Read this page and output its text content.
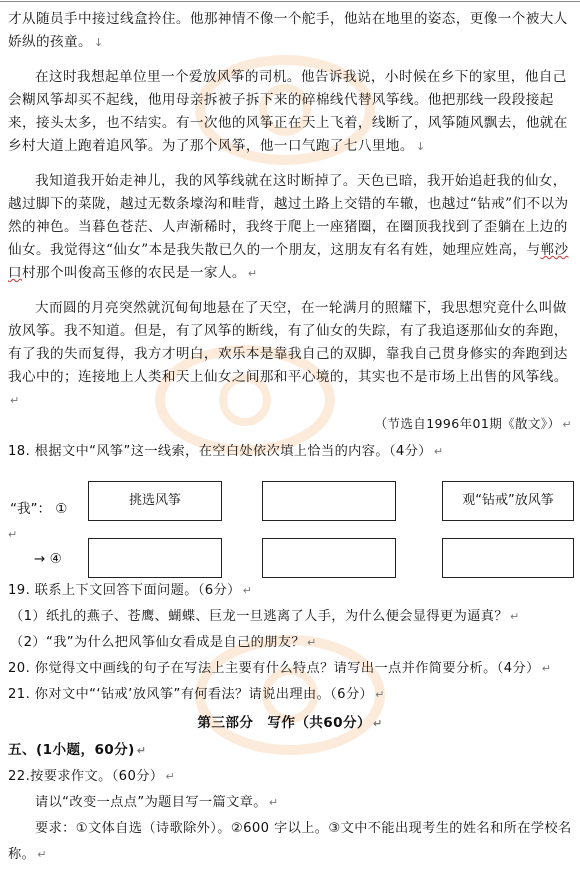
才从随员手中接过线盒拎住。他那神情不像一个舵手，他站在地里的姿态，更像一个被大人娇纵的孩童。 ↓

在这时我想起单位里一个爱放风筝的司机。他告诉我说，小时候在乡下的家里，他自己会糊风筝却买不起线，他用母亲拆被子拆下来的碎棉线代替风筝线。他把那线一段段接起来，接头太多，也不结实。有一次他的风筝正在天上飞着，线断了，风筝随风飘去，他就在乡村大道上跑着追风筝。为了那个风筝，他一口气跑了七八里地。 ↓

我知道我开始走神儿，我的风筝线就在这时断掉了。天色已暗，我开始追赶我的仙女，越过脚下的菜陇，越过无数条壕沟和畦背，越过土路上交错的车辙，也越过“钻戒”们不以为然的神色。当暮色苍茫、人声渐稀时，我终于爬上一座猪圈，在圈顶我找到了歪躺在上边的仙女。我觉得这“仙女”本是我失散已久的一个朋友，这朋友有名有姓，她理应姓高，与郸沙口村那个叫俊高玉修的农民是一家人。 ↵

大而圆的月亮突然就沉甸甸地悬在了天空，在一轮满月的照耀下，我思想究竟什么叫做放风筝。我不知道。但是，有了风筝的断线，有了仙女的失踪，有了我追逐那仙女的奔跑，有了我的失而复得，我方才明白，欢乐本是靠我自己的双脚，靠我自己贯身修实的奔跑到达我心中的；连接地上人类和天上仙女之间那和平心境的，其实也不是市场上出售的风筝线。↵

（节选自1996年01期《散文》） ↵

18. 根据文中“风筝”这一线索，在空白处依次填上恰当的内容。（4分） ↵
“我”： ①
挑选风筝	观“钻戒”放风筝
↵
→ ④
19. 联系上下文回答下面问题。（6分） ↵
（1）纸扎的燕子、苍鹰、蝴蝶、巨龙一旦逃离了人手，为什么便会显得更为逼真？ ↵
（2）“我”为什么把风筝仙女看成是自己的朋友？ ↵
20. 你觉得文中画线的句子在写法上主要有什么特点？请写出一点并作简要分析。（4分） ↵
21. 你对文中“‘钻戒’放风筝”有何看法？请说出理由。（6分） ↵
第三部分　写作（共60分） ↵
五、(1小题，60分) ↵
22.按要求作文。（60分） ↵
请以“改变一点点”为题目写一篇文章。 ↵
要求：①文体自选（诗歌除外）。②600 字以上。③文中不能出现考生的姓名和所在学校名称。 ↵
